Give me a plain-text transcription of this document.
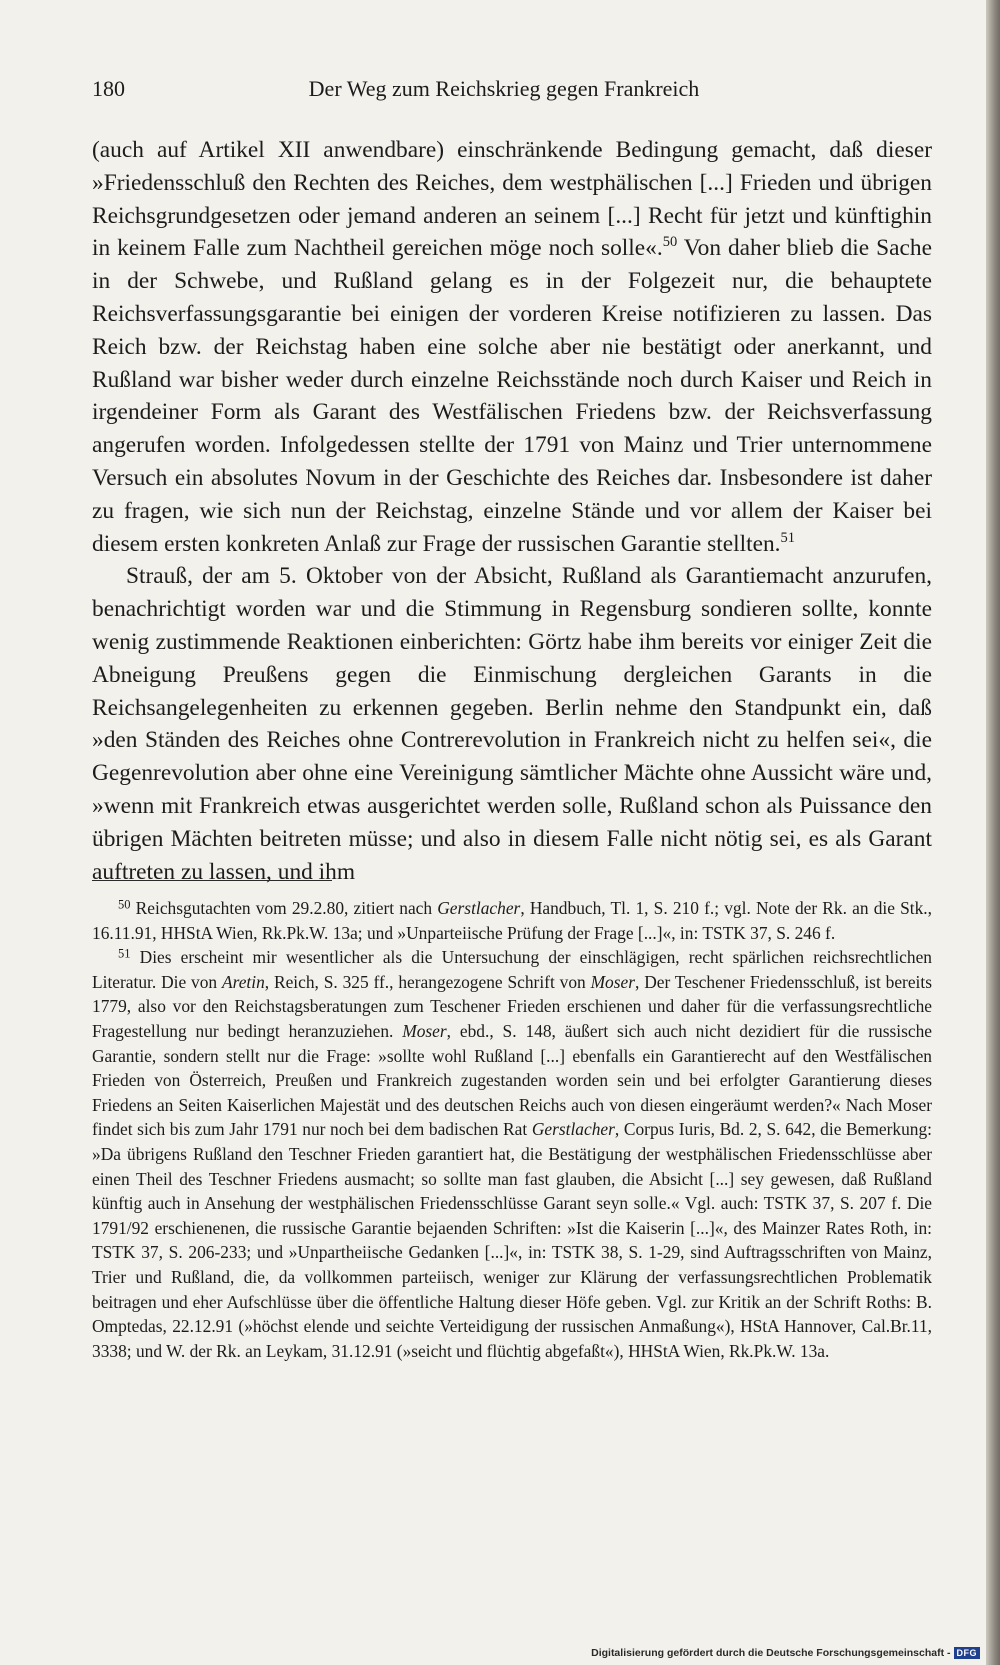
180	Der Weg zum Reichskrieg gegen Frankreich

(auch auf Artikel XII anwendbare) einschränkende Bedingung gemacht, daß dieser »Friedensschluß den Rechten des Reiches, dem westphälischen [...] Frieden und übrigen Reichsgrundgesetzen oder jemand anderen an seinem [...] Recht für jetzt und künftighin in keinem Falle zum Nachtheil gereichen möge noch solle«.$^{50}$ Von daher blieb die Sache in der Schwebe, und Rußland gelang es in der Folgezeit nur, die behauptete Reichsverfassungsgarantie bei einigen der vorderen Kreise notifizieren zu lassen. Das Reich bzw. der Reichstag haben eine solche aber nie bestätigt oder anerkannt, und Rußland war bisher weder durch einzelne Reichsstände noch durch Kaiser und Reich in irgendeiner Form als Garant des Westfälischen Friedens bzw. der Reichsverfassung angerufen worden. Infolgedessen stellte der 1791 von Mainz und Trier unternommene Versuch ein absolutes Novum in der Geschichte des Reiches dar. Insbesondere ist daher zu fragen, wie sich nun der Reichstag, einzelne Stände und vor allem der Kaiser bei diesem ersten konkreten Anlaß zur Frage der russischen Garantie stellten.$^{51}$

Strauß, der am 5. Oktober von der Absicht, Rußland als Garantiemacht anzurufen, benachrichtigt worden war und die Stimmung in Regensburg sondieren sollte, konnte wenig zustimmende Reaktionen einberichten: Görtz habe ihm bereits vor einiger Zeit die Abneigung Preußens gegen die Einmischung dergleichen Garants in die Reichsangelegenheiten zu erkennen gegeben. Berlin nehme den Standpunkt ein, daß »den Ständen des Reiches ohne Contrerevolution in Frankreich nicht zu helfen sei«, die Gegenrevolution aber ohne eine Vereinigung sämtlicher Mächte ohne Aussicht wäre und, »wenn mit Frankreich etwas ausgerichtet werden solle, Rußland schon als Puissance den übrigen Mächten beitreten müsse; und also in diesem Falle nicht nötig sei, es als Garant auftreten zu lassen, und ihm

$^{50}$ Reichsgutachten vom 29.2.80, zitiert nach Gerstlacher, Handbuch, Tl. 1, S. 210 f.; vgl. Note der Rk. an die Stk., 16.11.91, HHStA Wien, Rk.Pk.W. 13a; und »Unparteiische Prüfung der Frage [...]«, in: TSTK 37, S. 246 f.

$^{51}$ Dies erscheint mir wesentlicher als die Untersuchung der einschlägigen, recht spärlichen reichsrechtlichen Literatur. Die von Aretin, Reich, S. 325 ff., herangezogene Schrift von Moser, Der Teschener Friedensschluß, ist bereits 1779, also vor den Reichstagsberatungen zum Teschener Frieden erschienen und daher für die verfassungsrechtliche Fragestellung nur bedingt heranzuziehen. Moser, ebd., S. 148, äußert sich auch nicht dezidiert für die russische Garantie, sondern stellt nur die Frage: »sollte wohl Rußland [...] ebenfalls ein Garantierecht auf den Westfälischen Frieden von Österreich, Preußen und Frankreich zugestanden worden sein und bei erfolgter Garantierung dieses Friedens an Seiten Kaiserlichen Majestät und des deutschen Reichs auch von diesen eingeräumt werden?« Nach Moser findet sich bis zum Jahr 1791 nur noch bei dem badischen Rat Gerstlacher, Corpus Iuris, Bd. 2, S. 642, die Bemerkung: »Da übrigens Rußland den Teschner Frieden garantiert hat, die Bestätigung der westphälischen Friedensschlüsse aber einen Theil des Teschner Friedens ausmacht; so sollte man fast glauben, die Absicht [...] sey gewesen, daß Rußland künftig auch in Ansehung der westphälischen Friedensschlüsse Garant seyn solle.« Vgl. auch: TSTK 37, S. 207 f. Die 1791/92 erschienenen, die russische Garantie bejaenden Schriften: »Ist die Kaiserin [...]«, des Mainzer Rates Roth, in: TSTK 37, S. 206-233; und »Unpartheiische Gedanken [...]«, in: TSTK 38, S. 1-29, sind Auftragsschriften von Mainz, Trier und Rußland, die, da vollkommen parteiisch, weniger zur Klärung der verfassungsrechtlichen Problematik beitragen und eher Aufschlüsse über die öffentliche Haltung dieser Höfe geben. Vgl. zur Kritik an der Schrift Roths: B. Omptedas, 22.12.91 (»höchst elende und seichte Verteidigung der russischen Anmaßung«), HStA Hannover, Cal.Br.11, 3338; und W. der Rk. an Leykam, 31.12.91 (»seicht und flüchtig abgefaßt«), HHStA Wien, Rk.Pk.W. 13a.

Digitalisierung gefördert durch die Deutsche Forschungsgemeinschaft - DFG
